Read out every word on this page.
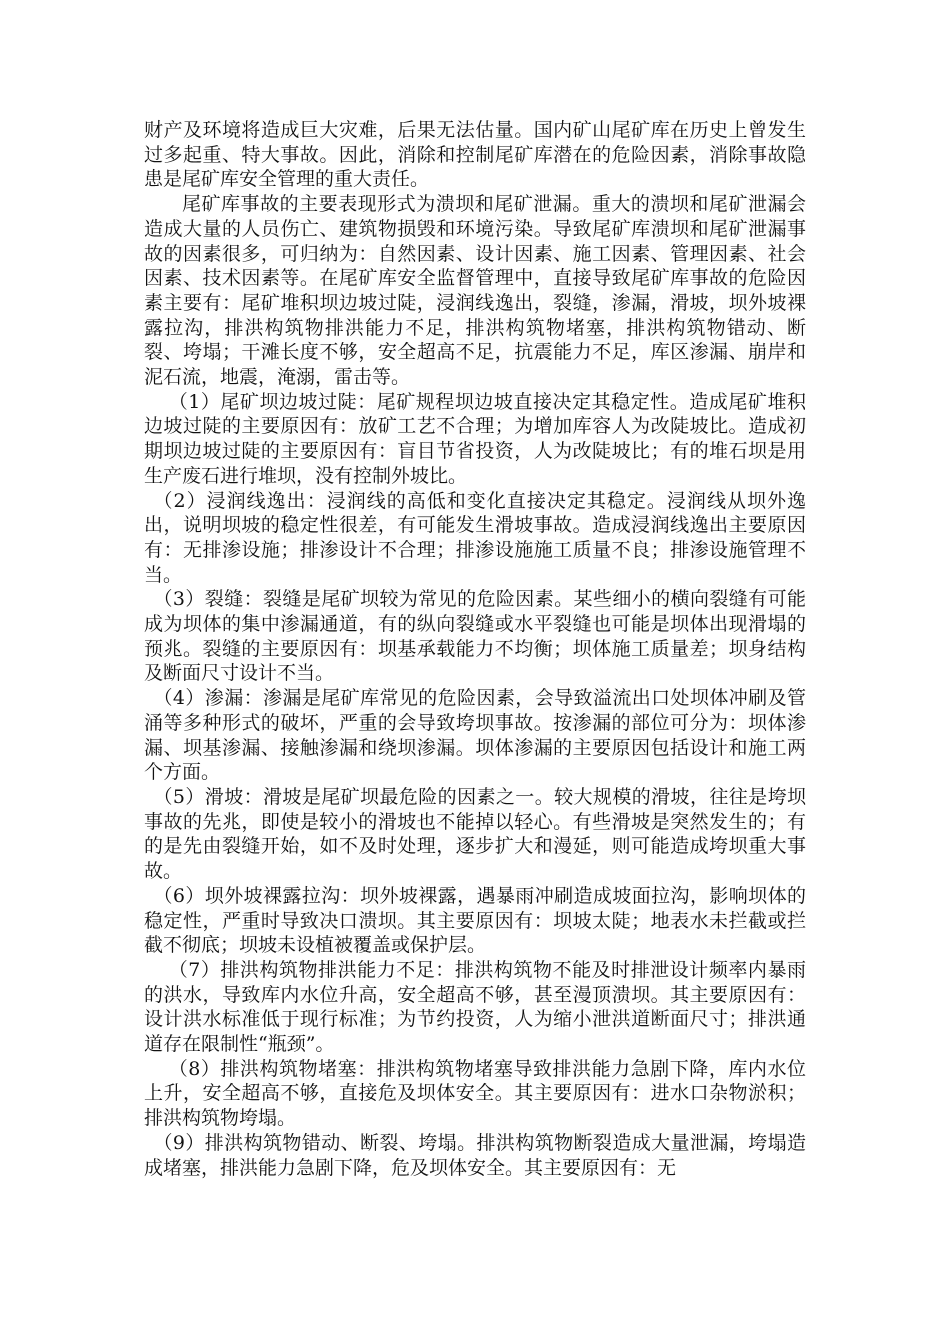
财产及环境将造成巨大灾难，后果无法估量。国内矿山尾矿库在历史上曾发生过多起重、特大事故。因此，消除和控制尾矿库潜在的危险因素，消除事故隐患是尾矿库安全管理的重大责任。

尾矿库事故的主要表现形式为溃坝和尾矿泄漏。重大的溃坝和尾矿泄漏会造成大量的人员伤亡、建筑物损毁和环境污染。导致尾矿库溃坝和尾矿泄漏事故的因素很多，可归纳为：自然因素、设计因素、施工因素、管理因素、社会因素、技术因素等。在尾矿库安全监督管理中，直接导致尾矿库事故的危险因素主要有：尾矿堆积坝边坡过陡，浸润线逸出，裂缝，渗漏，滑坡，坝外坡裸露拉沟，排洪构筑物排洪能力不足，排洪构筑物堵塞，排洪构筑物错动、断裂、垮塌；干滩长度不够，安全超高不足，抗震能力不足，库区渗漏、崩岸和泥石流，地震，淹溺，雷击等。

（1）尾矿坝边坡过陡：尾矿规程坝边坡直接决定其稳定性。造成尾矿堆积边坡过陡的主要原因有：放矿工艺不合理；为增加库容人为改陡坡比。造成初期坝边坡过陡的主要原因有：盲目节省投资，人为改陡坡比；有的堆石坝是用生产废石进行堆坝，没有控制外坡比。

（2）浸润线逸出：浸润线的高低和变化直接决定其稳定。浸润线从坝外逸出，说明坝坡的稳定性很差，有可能发生滑坡事故。造成浸润线逸出主要原因有：无排渗设施；排渗设计不合理；排渗设施施工质量不良；排渗设施管理不当。

（3）裂缝：裂缝是尾矿坝较为常见的危险因素。某些细小的横向裂缝有可能成为坝体的集中渗漏通道，有的纵向裂缝或水平裂缝也可能是坝体出现滑塌的预兆。裂缝的主要原因有：坝基承载能力不均衡；坝体施工质量差；坝身结构及断面尺寸设计不当。

（4）渗漏：渗漏是尾矿库常见的危险因素，会导致溢流出口处坝体冲刷及管涌等多种形式的破坏，严重的会导致垮坝事故。按渗漏的部位可分为：坝体渗漏、坝基渗漏、接触渗漏和绕坝渗漏。坝体渗漏的主要原因包括设计和施工两个方面。

（5）滑坡：滑坡是尾矿坝最危险的因素之一。较大规模的滑坡，往往是垮坝事故的先兆，即使是较小的滑坡也不能掉以轻心。有些滑坡是突然发生的；有的是先由裂缝开始，如不及时处理，逐步扩大和漫延，则可能造成垮坝重大事故。

（6）坝外坡裸露拉沟：坝外坡裸露，遇暴雨冲刷造成坡面拉沟，影响坝体的稳定性，严重时导致决口溃坝。其主要原因有：坝坡太陡；地表水未拦截或拦截不彻底；坝坡未设植被覆盖或保护层。

（7）排洪构筑物排洪能力不足：排洪构筑物不能及时排泄设计频率内暴雨的洪水，导致库内水位升高，安全超高不够，甚至漫顶溃坝。其主要原因有：设计洪水标准低于现行标准；为节约投资，人为缩小泄洪道断面尺寸；排洪通道存在限制性“瓶颈”。

（8）排洪构筑物堵塞：排洪构筑物堵塞导致排洪能力急剧下降，库内水位上升，安全超高不够，直接危及坝体安全。其主要原因有：进水口杂物淤积；排洪构筑物垮塌。

（9）排洪构筑物错动、断裂、垮塌。排洪构筑物断裂造成大量泄漏，垮塌造成堵塞，排洪能力急剧下降，危及坝体安全。其主要原因有：无
